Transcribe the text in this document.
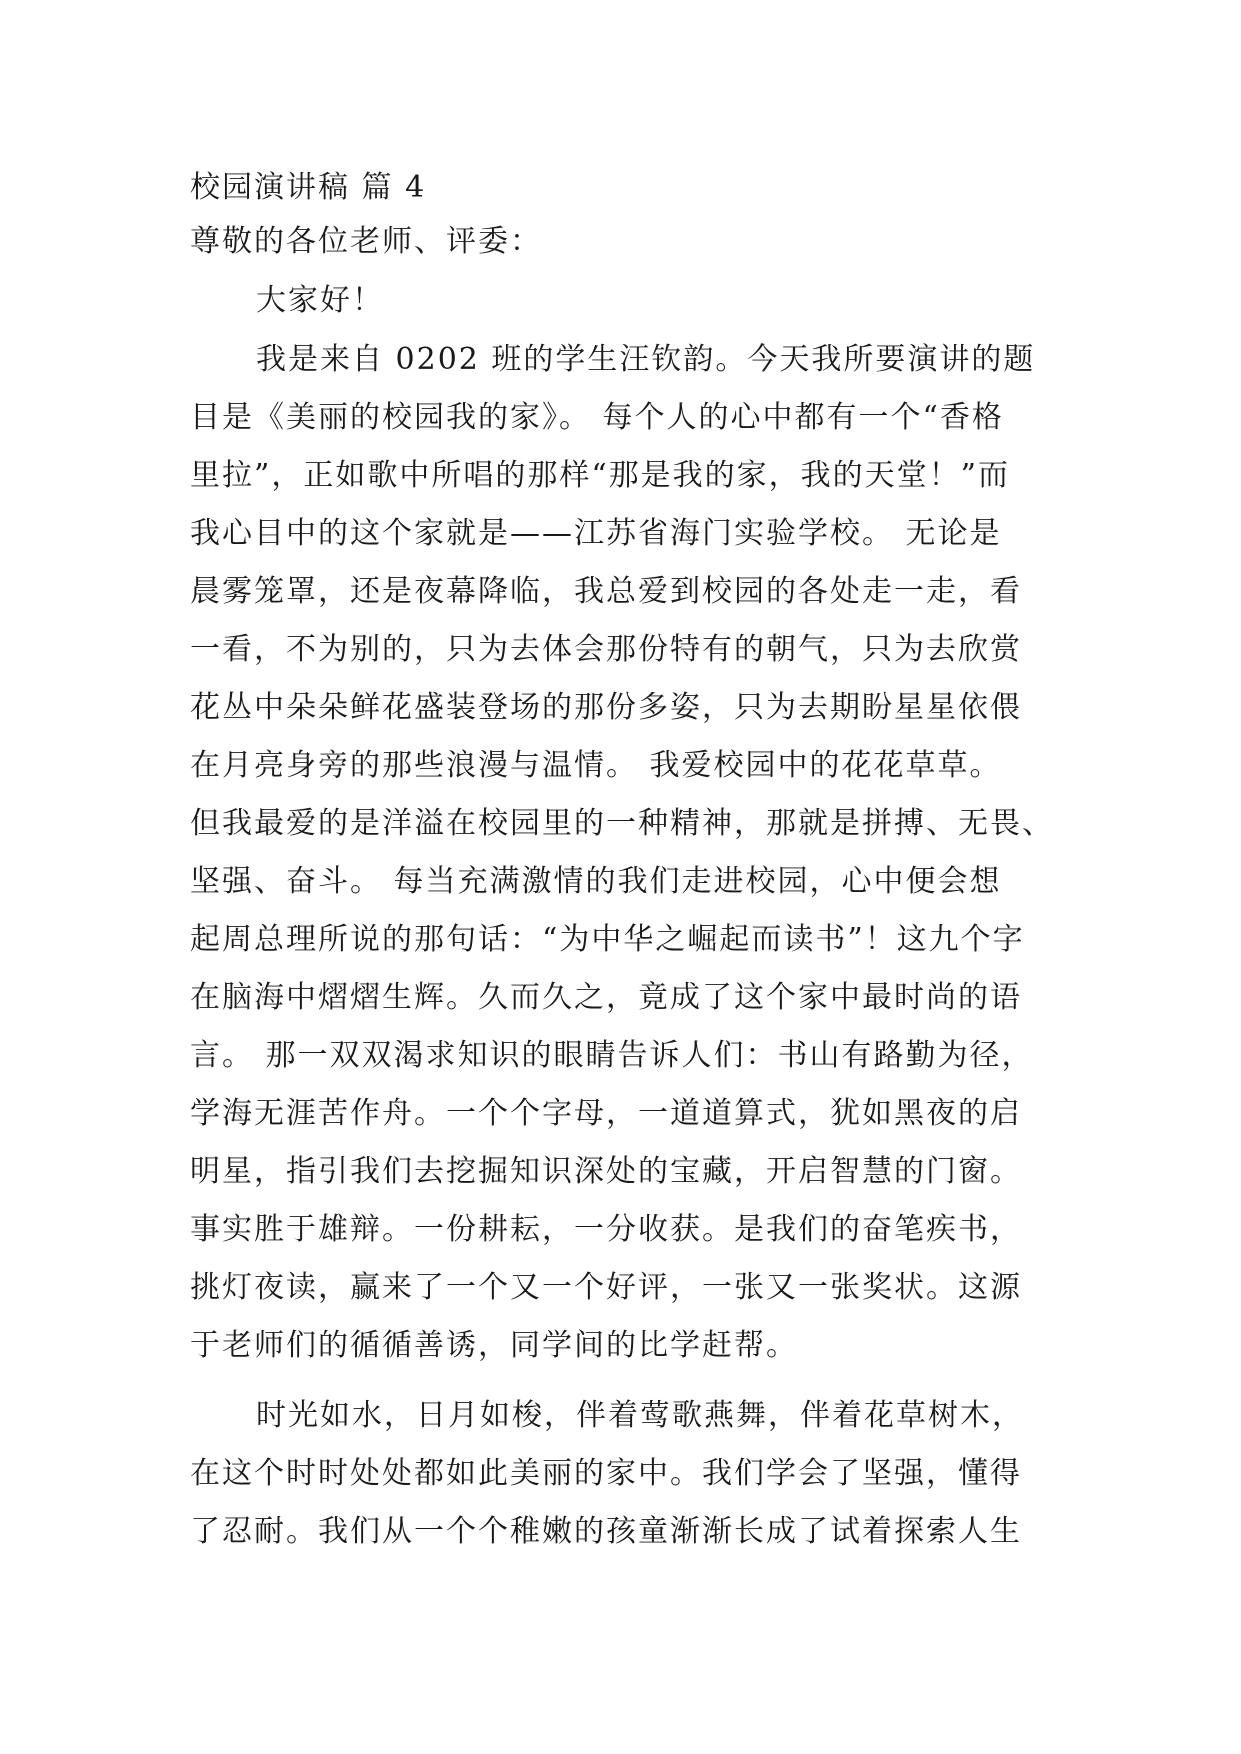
校园演讲稿 篇 4

尊敬的各位老师、评委：

大家好！

我是来自 0202 班的学生汪钦韵。今天我所要演讲的题
目是《美丽的校园我的家》。 每个人的心中都有一个“香格
里拉”，正如歌中所唱的那样“那是我的家，我的天堂！”而
我心目中的这个家就是——江苏省海门实验学校。 无论是
晨雾笼罩，还是夜幕降临，我总爱到校园的各处走一走，看
一看，不为别的，只为去体会那份特有的朝气，只为去欣赏
花丛中朵朵鲜花盛装登场的那份多姿，只为去期盼星星依偎
在月亮身旁的那些浪漫与温情。 我爱校园中的花花草草。
但我最爱的是洋溢在校园里的一种精神，那就是拼搏、无畏、
坚强、奋斗。 每当充满激情的我们走进校园，心中便会想
起周总理所说的那句话：“为中华之崛起而读书”！这九个字
在脑海中熠熠生辉。久而久之，竟成了这个家中最时尚的语
言。 那一双双渴求知识的眼睛告诉人们：书山有路勤为径，
学海无涯苦作舟。一个个字母，一道道算式，犹如黑夜的启
明星，指引我们去挖掘知识深处的宝藏，开启智慧的门窗。
事实胜于雄辩。一份耕耘，一分收获。是我们的奋笔疾书，
挑灯夜读，赢来了一个又一个好评，一张又一张奖状。这源
于老师们的循循善诱，同学间的比学赶帮。

时光如水，日月如梭，伴着莺歌燕舞，伴着花草树木，
在这个时时处处都如此美丽的家中。我们学会了坚强，懂得
了忍耐。我们从一个个稚嫩的孩童渐渐长成了试着探索人生
